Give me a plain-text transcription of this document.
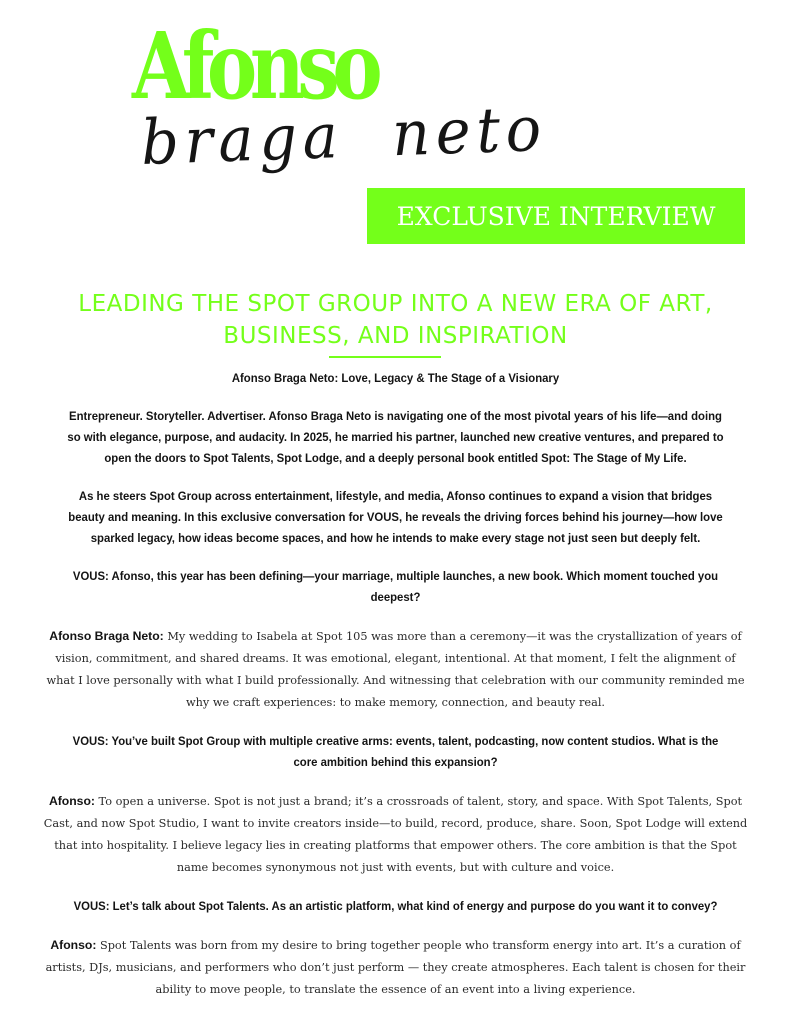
Afonso
braga  neto
EXCLUSIVE INTERVIEW
LEADING THE SPOT GROUP INTO A NEW ERA OF ART, BUSINESS, AND INSPIRATION

Afonso Braga Neto: Love, Legacy & The Stage of a Visionary

Entrepreneur. Storyteller. Advertiser. Afonso Braga Neto is navigating one of the most pivotal years of his life—and doing so with elegance, purpose, and audacity. In 2025, he married his partner, launched new creative ventures, and prepared to open the doors to Spot Talents, Spot Lodge, and a deeply personal book entitled Spot: The Stage of My Life.

As he steers Spot Group across entertainment, lifestyle, and media, Afonso continues to expand a vision that bridges beauty and meaning. In this exclusive conversation for VOUS, he reveals the driving forces behind his journey—how love sparked legacy, how ideas become spaces, and how he intends to make every stage not just seen but deeply felt.

VOUS: Afonso, this year has been defining—your marriage, multiple launches, a new book. Which moment touched you deepest?

Afonso Braga Neto: My wedding to Isabela at Spot 105 was more than a ceremony—it was the crystallization of years of vision, commitment, and shared dreams. It was emotional, elegant, intentional. At that moment, I felt the alignment of what I love personally with what I build professionally. And witnessing that celebration with our community reminded me why we craft experiences: to make memory, connection, and beauty real.

VOUS: You’ve built Spot Group with multiple creative arms: events, talent, podcasting, now content studios. What is the core ambition behind this expansion?

Afonso: To open a universe. Spot is not just a brand; it’s a crossroads of talent, story, and space. With Spot Talents, Spot Cast, and now Spot Studio, I want to invite creators inside—to build, record, produce, share. Soon, Spot Lodge will extend that into hospitality. I believe legacy lies in creating platforms that empower others. The core ambition is that the Spot name becomes synonymous not just with events, but with culture and voice.

VOUS: Let’s talk about Spot Talents. As an artistic platform, what kind of energy and purpose do you want it to convey?

Afonso: Spot Talents was born from my desire to bring together people who transform energy into art. It’s a curation of artists, DJs, musicians, and performers who don’t just perform — they create atmospheres. Each talent is chosen for their ability to move people, to translate the essence of an event into a living experience.
